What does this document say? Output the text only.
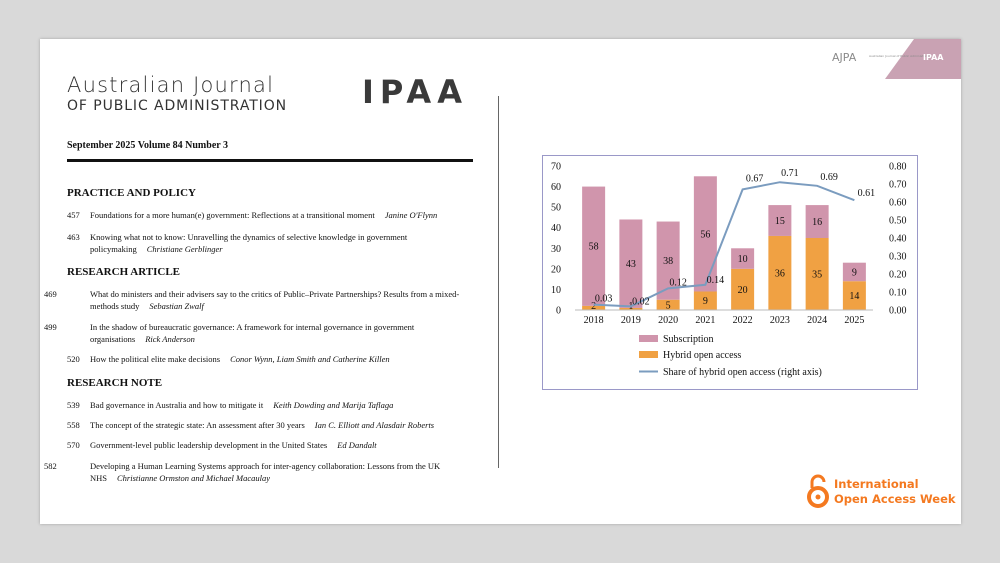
AJPA	Australian Journal of Public Administration
IPAA
Australian Journal
OF PUBLIC ADMINISTRATION IPAA
September 2025 Volume 84 Number 3
PRACTICE AND POLICY
457 Foundations for a more human(e) government: Reflections at a transitional moment Janine O'Flynn
463 Knowing what not to know: Unravelling the dynamics of selective knowledge in government policymaking Christiane Gerblinger
RESEARCH ARTICLE
469	What do ministers and their advisers say to the critics of Public–Private Partnerships? Results from a mixed-methods study Sebastian Zwalf
499	In the shadow of bureaucratic governance: A framework for internal governance in government organisations Rick Anderson
520 How the political elite make decisions Conor Wynn, Liam Smith and Catherine Killen
RESEARCH NOTE
539 Bad governance in Australia and how to mitigate it Keith Dowding and Marija Taflaga
558 The concept of the strategic state: An assessment after 30 years Ian C. Elliott and Alasdair Roberts
570 Government-level public leadership development in the United States Ed Dandalt
582	Developing a Human Learning Systems approach for inter-agency collaboration: Lessons from the UK NHS Christianne Ormston and Michael Macaulay
0
10
20
30
40
50
60
70
0.00
0.10
0.20
0.30
0.40
0.50
0.60
0.70
0.80
2
58
2018
1
43
2019
5
38
2020
9
56
2021
20
10
2022
36
15
2023
35
16
2024
14
9
2025
0.03 0.02
0.12 0.14
0.67 0.71 0.69
0.61
Subscription
Hybrid open access
Share of hybrid open access (right axis)
International
Open Access Week
